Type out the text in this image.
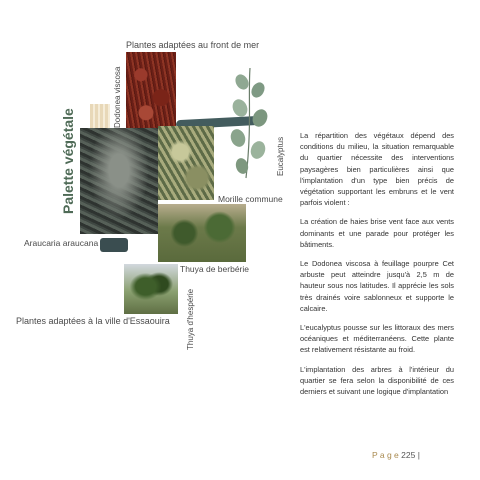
Plantes adaptées au front de mer
Palette végétale
Dodonea viscosa
Eucalyptus
Morille commune
Araucaria araucana
Thuya de berbérie
Thuya d'hespérie
Plantes adaptées à la ville d'Essaouira

La répartition des végétaux dépend des conditions du milieu, la situation remarquable du quartier nécessite des interventions paysagères bien particulières ainsi que l'implantation d'un type bien précis de végétation supportant les embruns et le vent parfois violent :

La création de haies brise vent face aux vents dominants et une parade pour protéger les bâtiments.

Le Dodonea viscosa à feuillage pourpre Cet arbuste peut atteindre jusqu'à 2,5 m de hauteur sous nos latitudes. Il apprécie les sols très drainés voire sablonneux et supporte le calcaire.

L'eucalyptus pousse sur les littoraux des mers océaniques et méditerranéens. Cette plante est relativement résistante au froid.

L'implantation des arbres à l'intérieur du quartier se fera selon la disponibilité de ces derniers et suivant une logique d'implantation

P a g e 225 |
